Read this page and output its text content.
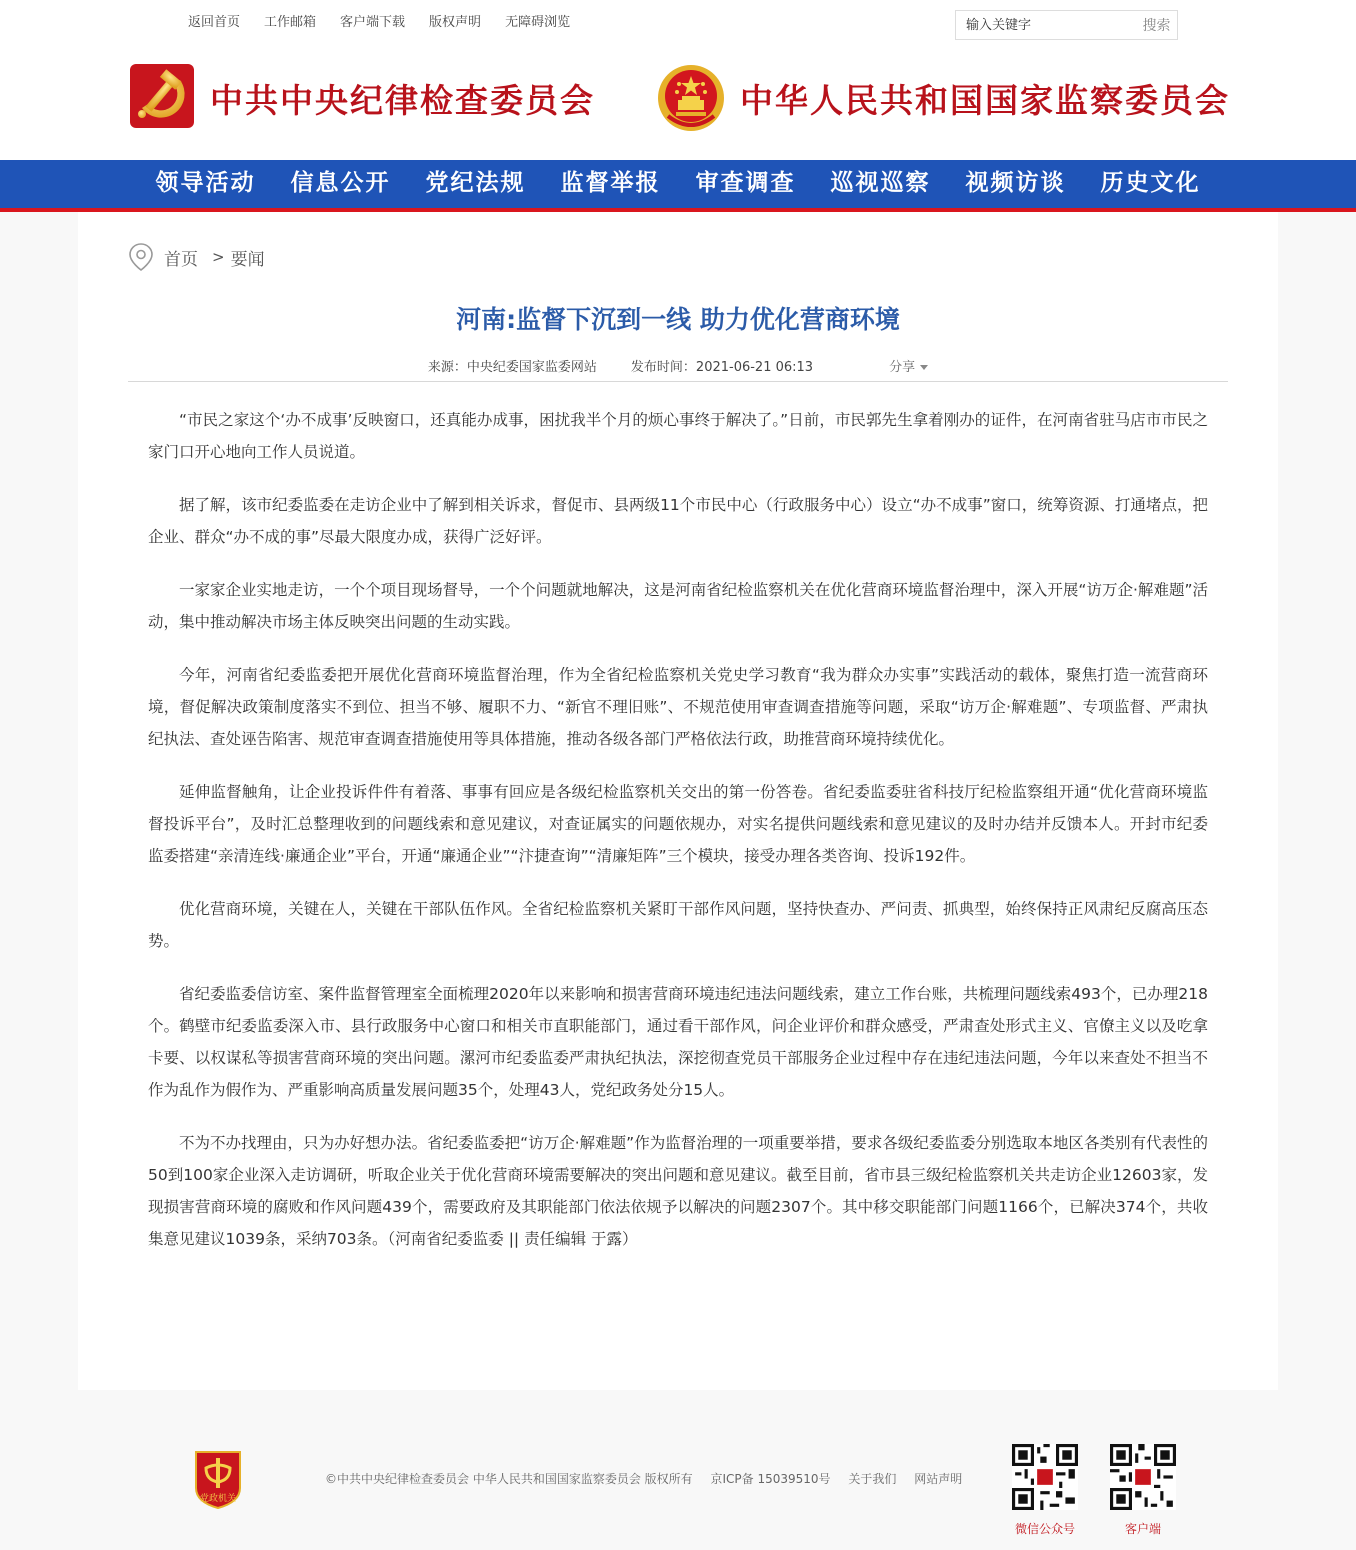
返回首页 工作邮箱 客户端下载 版权声明 无障碍浏览
输入关键字	搜索
中共中央纪律检查委员会	中华人民共和国国家监察委员会
领导活动	信息公开	党纪法规	监督举报	审查调查	巡视巡察	视频访谈	历史文化
首页 > 要闻
河南:监督下沉到一线 助力优化营商环境
来源：中央纪委国家监委网站	发布时间：2021-06-21 06:13	分享

“市民之家这个‘办不成事’反映窗口，还真能办成事，困扰我半个月的烦心事终于解决了。”日前，市民郭先生拿着刚办的证件，在河南省驻马店市市民之家门口开心地向工作人员说道。

据了解，该市纪委监委在走访企业中了解到相关诉求，督促市、县两级11个市民中心（行政服务中心）设立“办不成事”窗口，统筹资源、打通堵点，把企业、群众“办不成的事”尽最大限度办成，获得广泛好评。

一家家企业实地走访，一个个项目现场督导，一个个问题就地解决，这是河南省纪检监察机关在优化营商环境监督治理中，深入开展“访万企·解难题”活动，集中推动解决市场主体反映突出问题的生动实践。

今年，河南省纪委监委把开展优化营商环境监督治理，作为全省纪检监察机关党史学习教育“我为群众办实事”实践活动的载体，聚焦打造一流营商环境，督促解决政策制度落实不到位、担当不够、履职不力、“新官不理旧账”、不规范使用审查调查措施等问题，采取“访万企·解难题”、专项监督、严肃执纪执法、查处诬告陷害、规范审查调查措施使用等具体措施，推动各级各部门严格依法行政，助推营商环境持续优化。

延伸监督触角，让企业投诉件件有着落、事事有回应是各级纪检监察机关交出的第一份答卷。省纪委监委驻省科技厅纪检监察组开通“优化营商环境监督投诉平台”，及时汇总整理收到的问题线索和意见建议，对查证属实的问题依规办，对实名提供问题线索和意见建议的及时办结并反馈本人。开封市纪委监委搭建“亲清连线·廉通企业”平台，开通“廉通企业”“汴捷查询”“清廉矩阵”三个模块，接受办理各类咨询、投诉192件。

优化营商环境，关键在人，关键在干部队伍作风。全省纪检监察机关紧盯干部作风问题，坚持快查办、严问责、抓典型，始终保持正风肃纪反腐高压态势。

省纪委监委信访室、案件监督管理室全面梳理2020年以来影响和损害营商环境违纪违法问题线索，建立工作台账，共梳理问题线索493个，已办理218个。鹤壁市纪委监委深入市、县行政服务中心窗口和相关市直职能部门，通过看干部作风，问企业评价和群众感受，严肃查处形式主义、官僚主义以及吃拿卡要、以权谋私等损害营商环境的突出问题。漯河市纪委监委严肃执纪执法，深挖彻查党员干部服务企业过程中存在违纪违法问题，今年以来查处不担当不作为乱作为假作为、严重影响高质量发展问题35个，处理43人，党纪政务处分15人。

不为不办找理由，只为办好想办法。省纪委监委把“访万企·解难题”作为监督治理的一项重要举措，要求各级纪委监委分别选取本地区各类别有代表性的50到100家企业深入走访调研，听取企业关于优化营商环境需要解决的突出问题和意见建议。截至目前，省市县三级纪检监察机关共走访企业12603家，发现损害营商环境的腐败和作风问题439个，需要政府及其职能部门依法依规予以解决的问题2307个。其中移交职能部门问题1166个，已解决374个，共收集意见建议1039条，采纳703条。（河南省纪委监委 || 责任编辑 于露）

党政机关
©中共中央纪律检查委员会 中华人民共和国国家监察委员会 版权所有 京ICP备 15039510号 关于我们 网站声明
微信公众号	客户端
